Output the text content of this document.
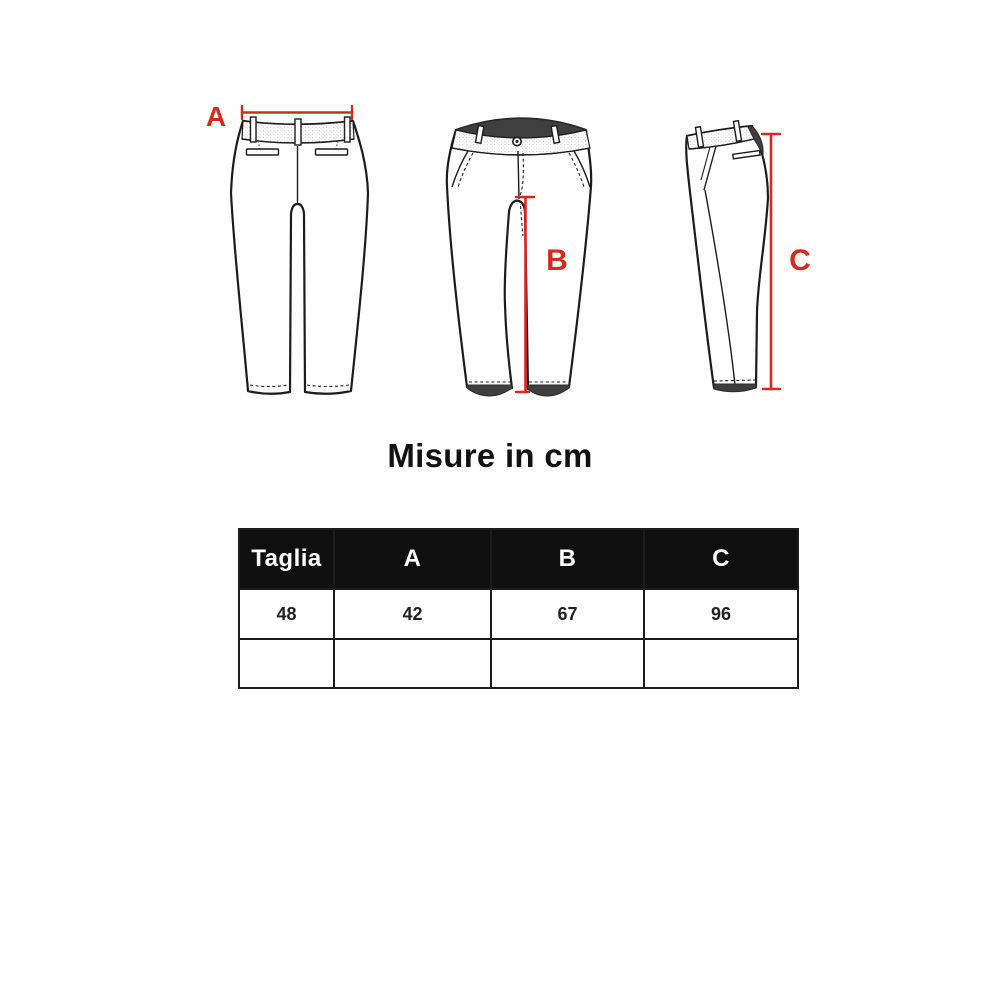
A
B	C
Misure in cm
Taglia	A	B	C
48	42	67	96
